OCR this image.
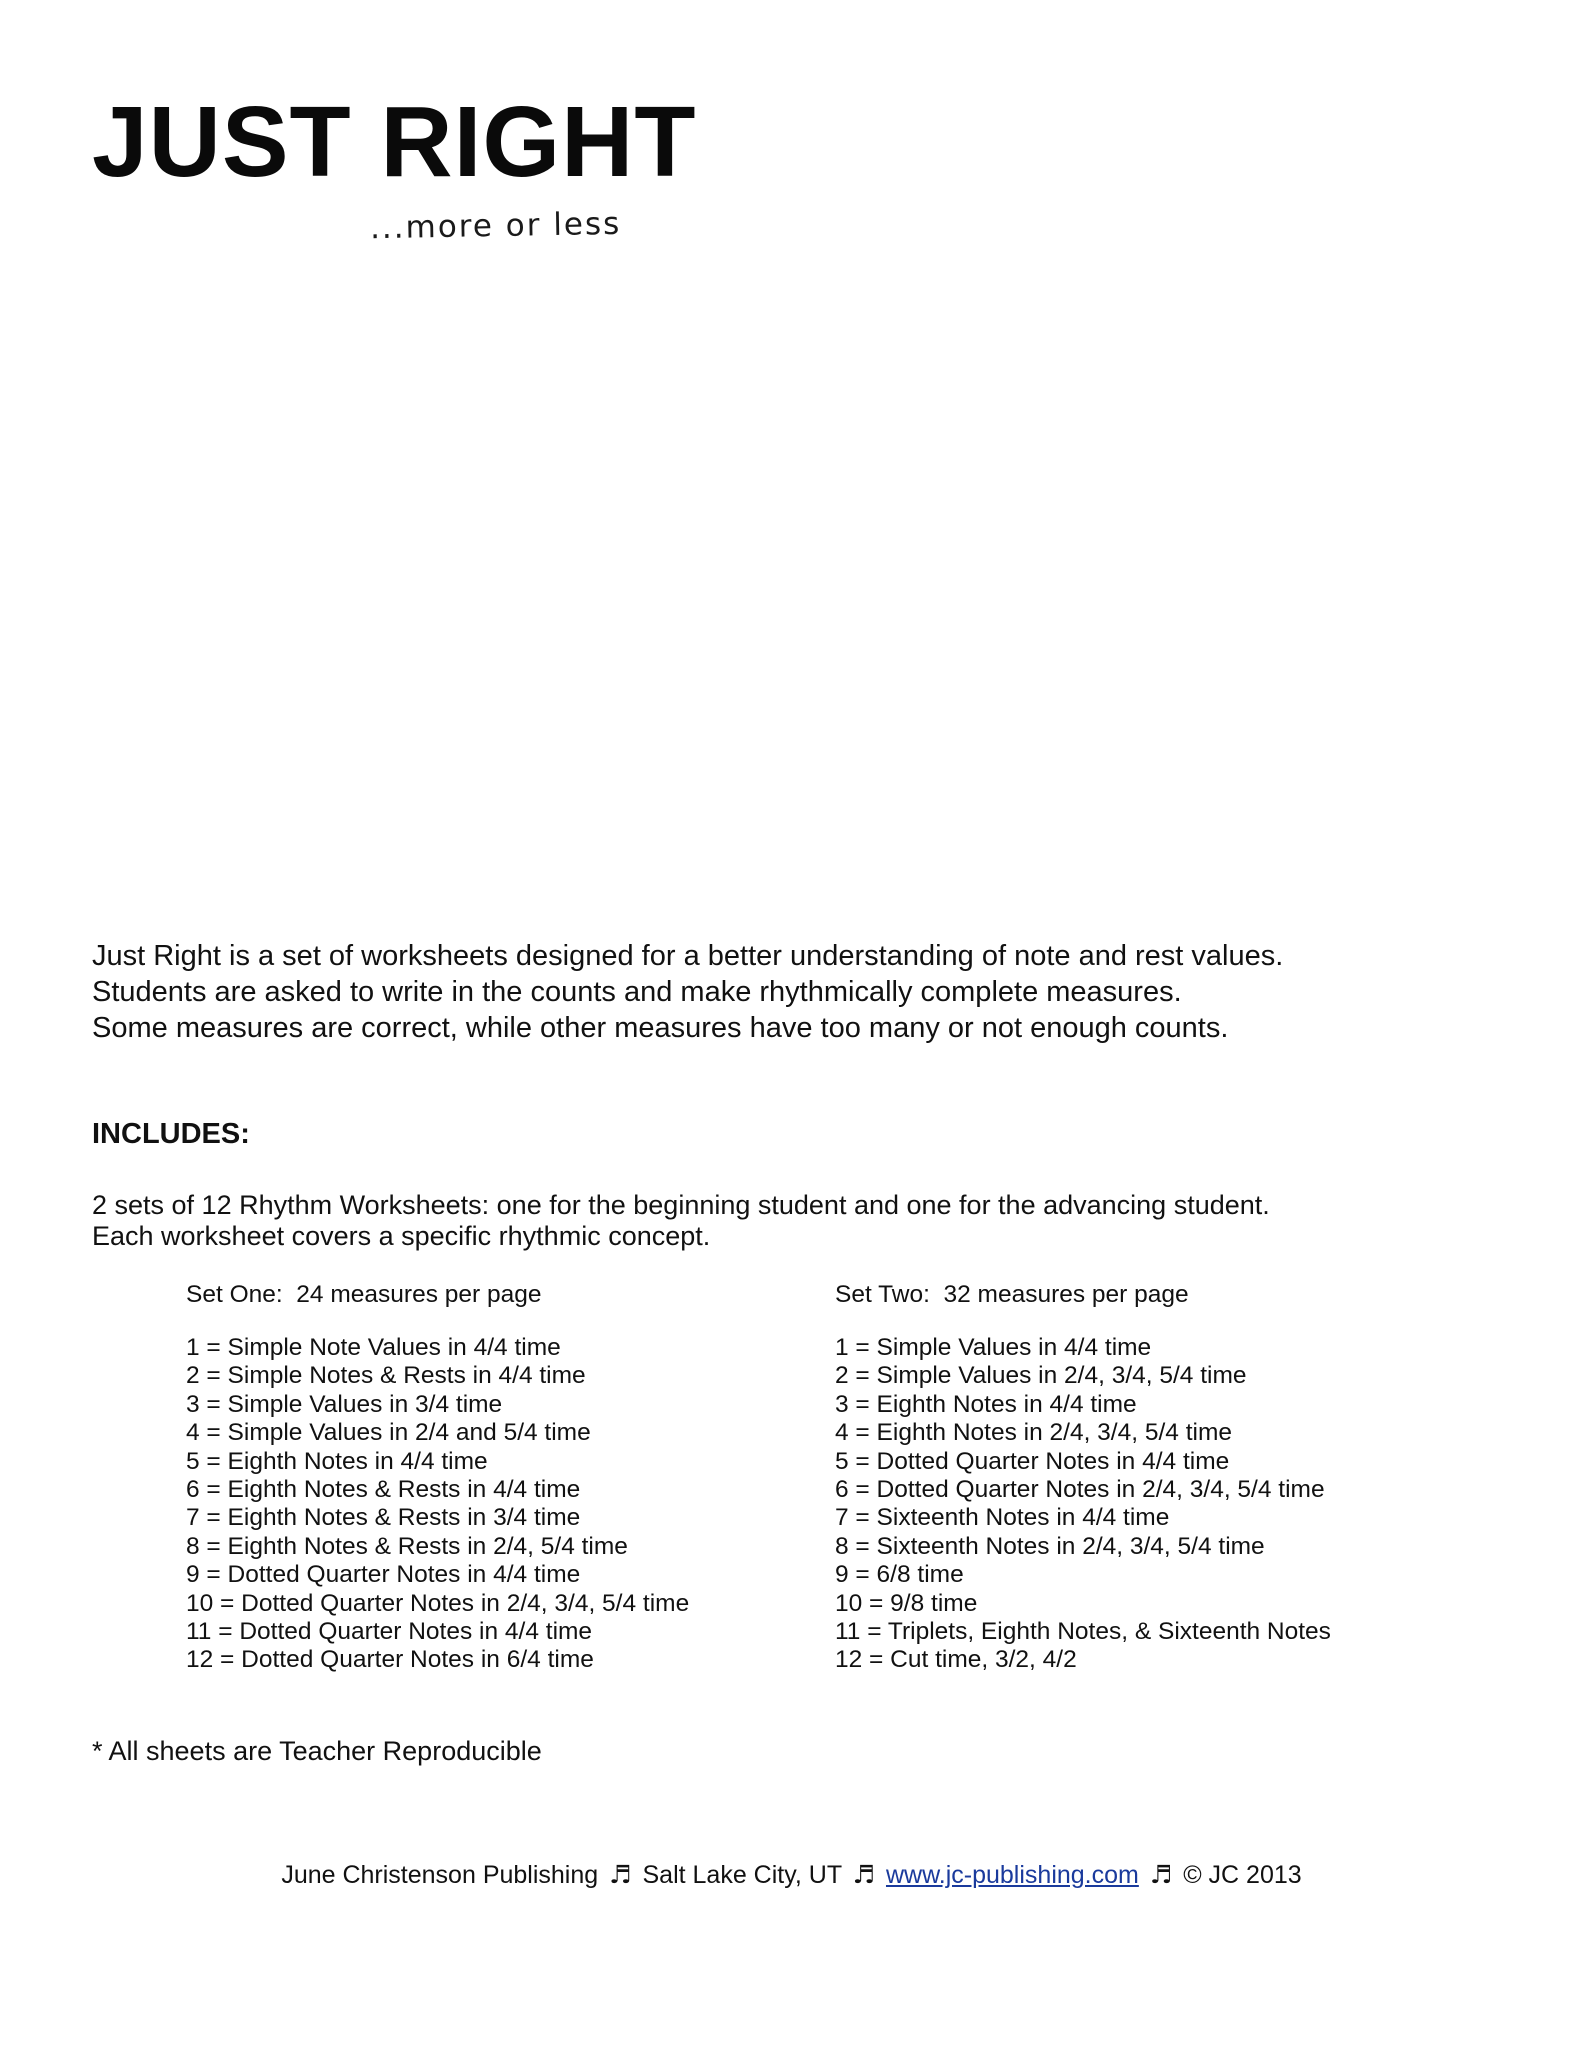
JUST RIGHT
...more or less

Just Right is a set of worksheets designed for a better understanding of note and rest values.

Students are asked to write in the counts and make rhythmically complete measures.

Some measures are correct, while other measures have too many or not enough counts.

INCLUDES:

2 sets of 12 Rhythm Worksheets: one for the beginning student and one for the advancing student.

Each worksheet covers a specific rhythmic concept.

Set One:  24 measures per page
1 = Simple Note Values in 4/4 time
2 = Simple Notes & Rests in 4/4 time
3 = Simple Values in 3/4 time
4 = Simple Values in 2/4 and 5/4 time
5 = Eighth Notes in 4/4 time
6 = Eighth Notes & Rests in 4/4 time
7 = Eighth Notes & Rests in 3/4 time
8 = Eighth Notes & Rests in 2/4, 5/4 time
9 = Dotted Quarter Notes in 4/4 time
10 = Dotted Quarter Notes in 2/4, 3/4, 5/4 time
11 = Dotted Quarter Notes in 4/4 time
12 = Dotted Quarter Notes in 6/4 time
Set Two:  32 measures per page
1 = Simple Values in 4/4 time
2 = Simple Values in 2/4, 3/4, 5/4 time
3 = Eighth Notes in 4/4 time
4 = Eighth Notes in 2/4, 3/4, 5/4 time
5 = Dotted Quarter Notes in 4/4 time
6 = Dotted Quarter Notes in 2/4, 3/4, 5/4 time
7 = Sixteenth Notes in 4/4 time
8 = Sixteenth Notes in 2/4, 3/4, 5/4 time
9 = 6/8 time
10 = 9/8 time
11 = Triplets, Eighth Notes, & Sixteenth Notes
12 = Cut time, 3/2, 4/2
* All sheets are Teacher Reproducible
June Christenson Publishing ♬ Salt Lake City, UT ♬ www.jc-publishing.com ♬ © JC 2013
